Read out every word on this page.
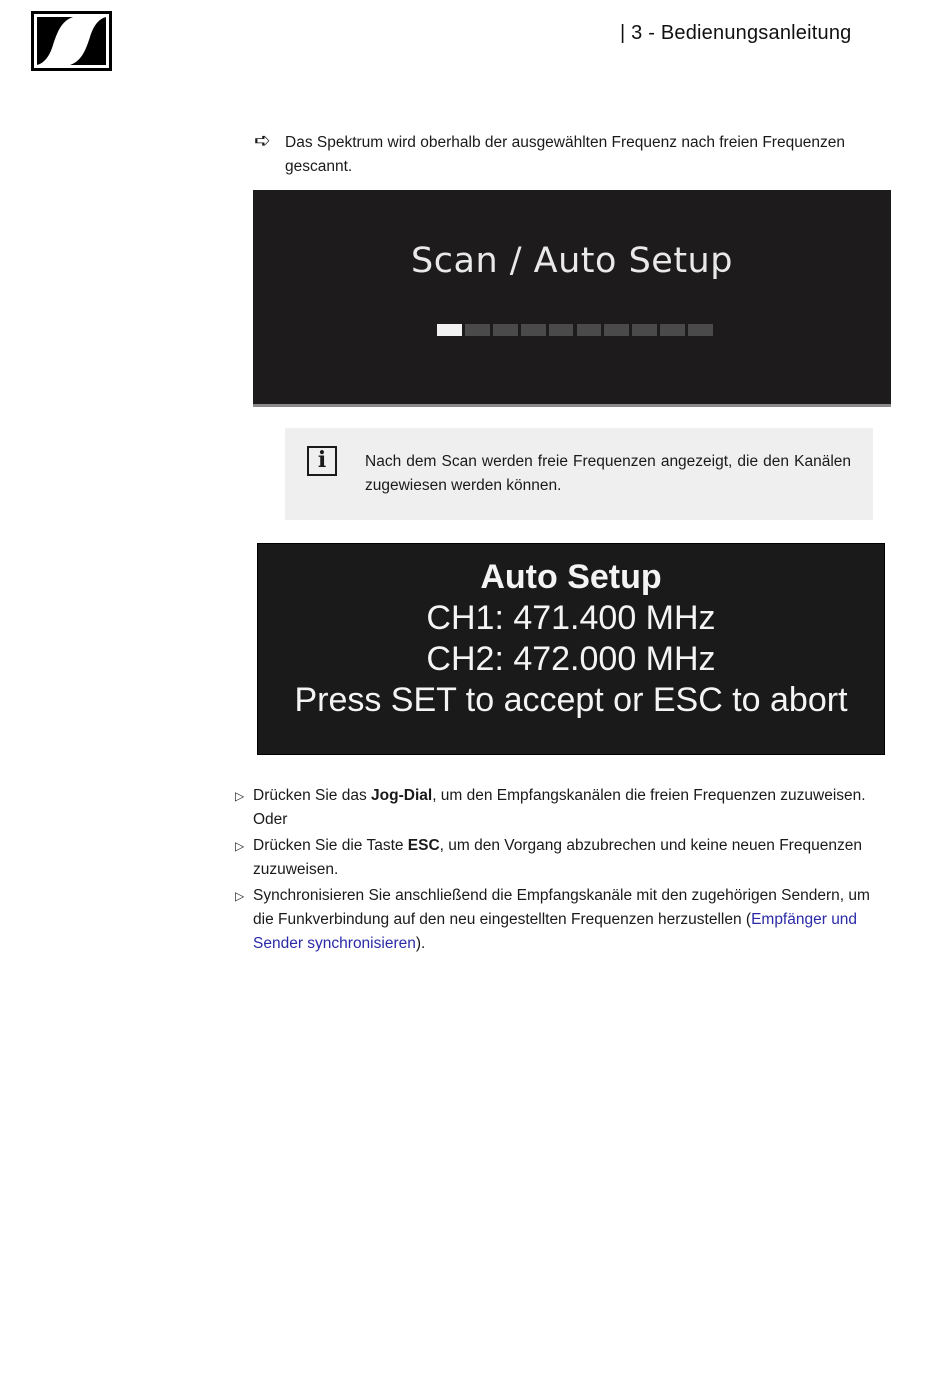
| 3 - Bedienungsanleitung
➪ Das Spektrum wird oberhalb der ausgewählten Frequenz nach freien Frequenzen gescannt.
Scan / Auto Setup
i	Nach dem Scan werden freie Frequenzen angezeigt, die den Kanälen zugewiesen werden können.
Auto Setup
CH1: 471.400 MHz
CH2: 472.000 MHz
Press SET to accept or ESC to abort
▷ Drücken Sie das Jog-Dial, um den Empfangskanälen die freien Frequenzen zuzuweisen.
Oder
▷ Drücken Sie die Taste ESC, um den Vorgang abzubrechen und keine neuen Frequenzen zuzuweisen.
▷ Synchronisieren Sie anschließend die Empfangskanäle mit den zugehörigen Sendern, um die Funkverbindung auf den neu eingestellten Frequenzen herzustellen (Empfänger und Sender synchronisieren).
